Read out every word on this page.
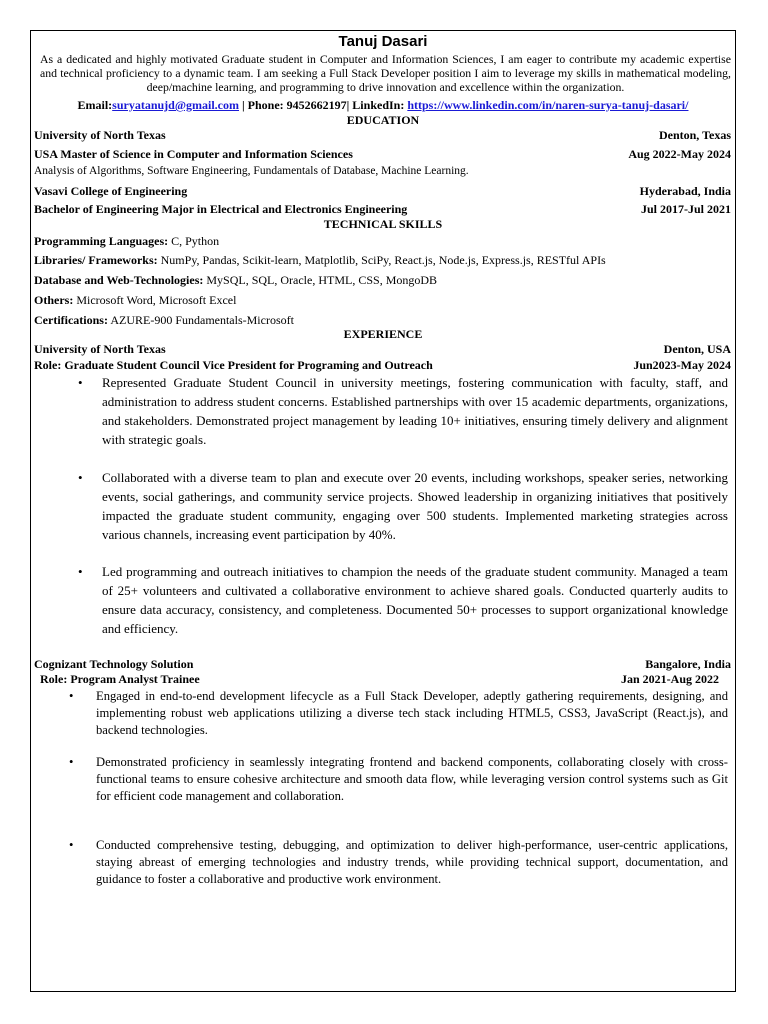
Tanuj Dasari
As a dedicated and highly motivated Graduate student in Computer and Information Sciences, I am eager to contribute my academic expertise and technical proficiency to a dynamic team. I am seeking a Full Stack Developer position I aim to leverage my skills in mathematical modeling, deep/machine learning, and programming to drive innovation and excellence within the organization.
Email:suryatanujd@gmail.com | Phone: 9452662197| LinkedIn: https://www.linkedin.com/in/naren-surya-tanuj-dasari/
EDUCATION
University of North Texas	Denton, Texas
USA Master of Science in Computer and Information Sciences	Aug 2022-May 2024
Analysis of Algorithms, Software Engineering, Fundamentals of Database, Machine Learning.
Vasavi College of Engineering	Hyderabad, India
Bachelor of Engineering Major in Electrical and Electronics Engineering	Jul 2017-Jul 2021
TECHNICAL SKILLS
Programming Languages: C, Python
Libraries/ Frameworks: NumPy, Pandas, Scikit-learn, Matplotlib, SciPy, React.js, Node.js, Express.js, RESTful APIs
Database and Web-Technologies: MySQL, SQL, Oracle, HTML, CSS, MongoDB
Others: Microsoft Word, Microsoft Excel
Certifications: AZURE-900 Fundamentals-Microsoft
EXPERIENCE
University of North Texas	Denton, USA
Role: Graduate Student Council Vice President for Programing and Outreach	Jun2023-May 2024
• Represented Graduate Student Council in university meetings, fostering communication with faculty, staff, and administration to address student concerns. Established partnerships with over 15 academic departments, organizations, and stakeholders. Demonstrated project management by leading 10+ initiatives, ensuring timely delivery and alignment with strategic goals.
• Collaborated with a diverse team to plan and execute over 20 events, including workshops, speaker series, networking events, social gatherings, and community service projects. Showed leadership in organizing initiatives that positively impacted the graduate student community, engaging over 500 students. Implemented marketing strategies across various channels, increasing event participation by 40%.
• Led programming and outreach initiatives to champion the needs of the graduate student community. Managed a team of 25+ volunteers and cultivated a collaborative environment to achieve shared goals. Conducted quarterly audits to ensure data accuracy, consistency, and completeness. Documented 50+ processes to support organizational knowledge and efficiency.
Cognizant Technology Solution	Bangalore, India
Role: Program Analyst Trainee	Jan 2021-Aug 2022
• Engaged in end-to-end development lifecycle as a Full Stack Developer, adeptly gathering requirements, designing, and implementing robust web applications utilizing a diverse tech stack including HTML5, CSS3, JavaScript (React.js), and backend technologies.
• Demonstrated proficiency in seamlessly integrating frontend and backend components, collaborating closely with cross-functional teams to ensure cohesive architecture and smooth data flow, while leveraging version control systems such as Git for efficient code management and collaboration.
• Conducted comprehensive testing, debugging, and optimization to deliver high-performance, user-centric applications, staying abreast of emerging technologies and industry trends, while providing technical support, documentation, and guidance to foster a collaborative and productive work environment.
